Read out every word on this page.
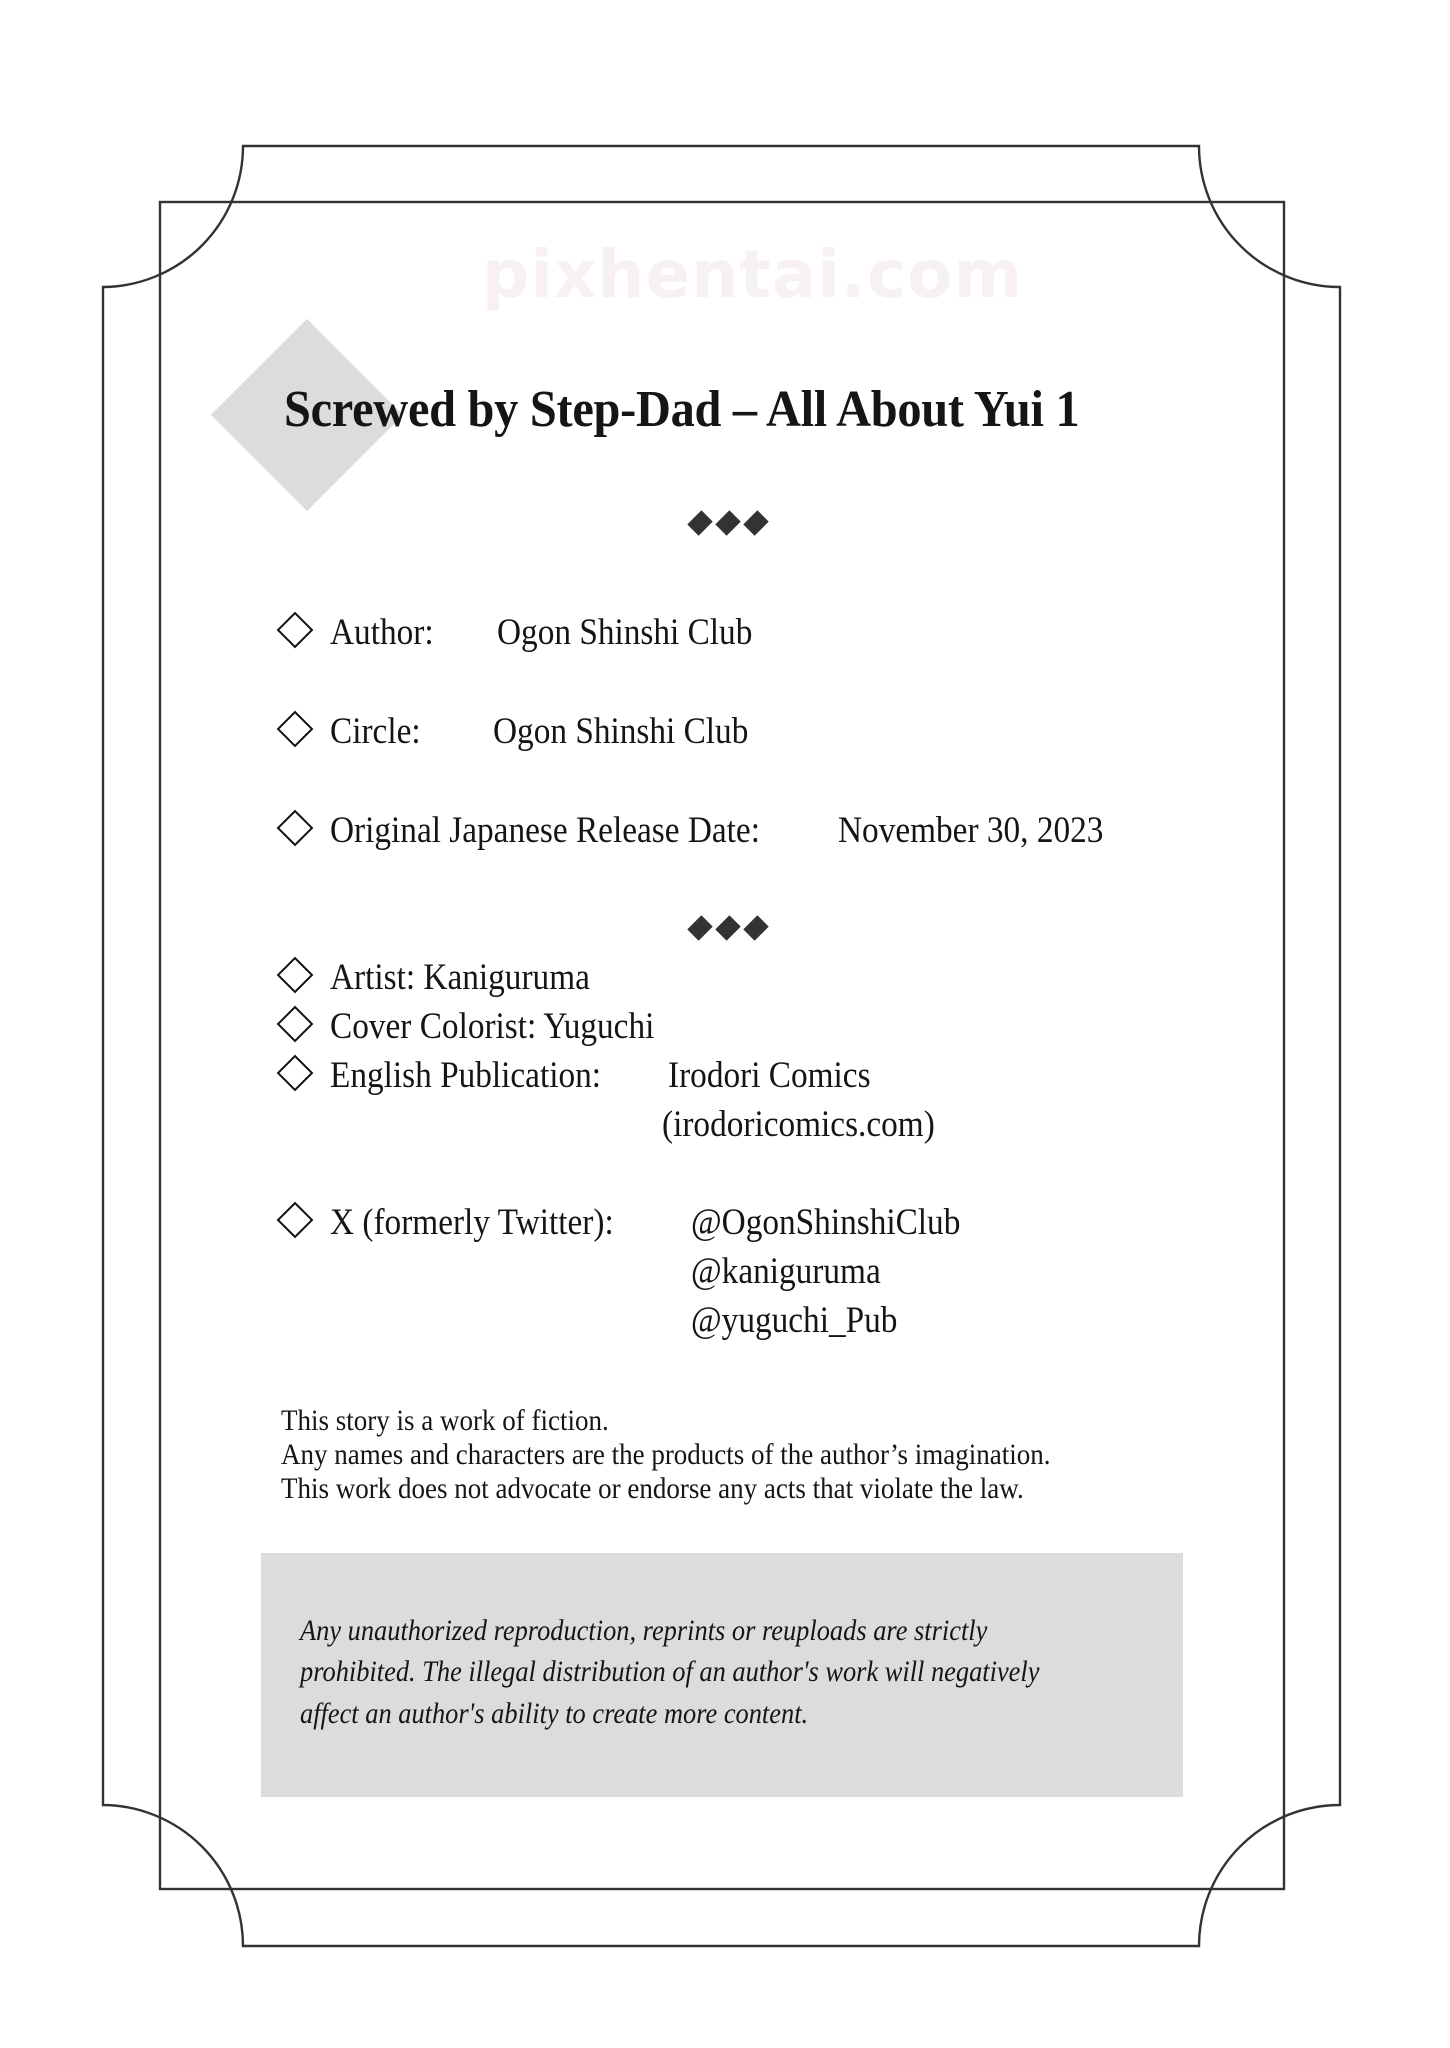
pixhentai.com
Screwed by Step-Dad – All About Yui 1
Author: Ogon Shinshi Club
Circle: Ogon Shinshi Club
Original Japanese Release Date: November 30, 2023
Artist: Kaniguruma
Cover Colorist: Yuguchi
English Publication: Irodori Comics
(irodoricomics.com)
X (formerly Twitter): @OgonShinshiClub
@kaniguruma
@yuguchi_Pub
This story is a work of fiction.
Any names and characters are the products of the author’s imagination.
This work does not advocate or endorse any acts that violate the law.
Any unauthorized reproduction, reprints or reuploads are strictly
prohibited. The illegal distribution of an author's work will negatively
affect an author's ability to create more content.
